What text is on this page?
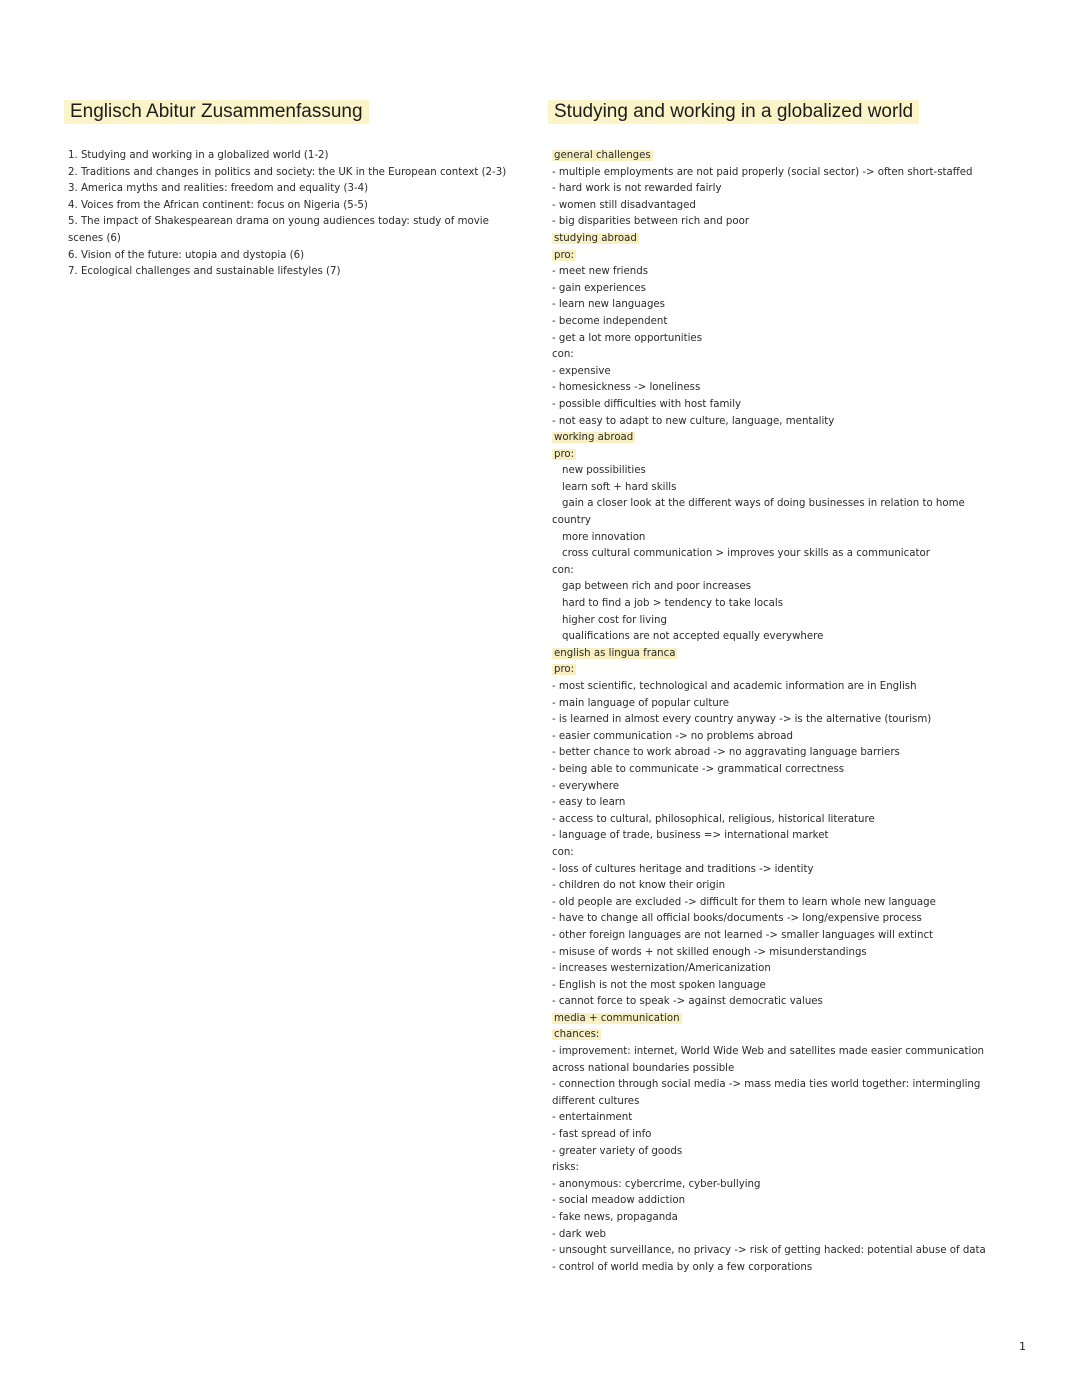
Englisch Abitur Zusammenfassung	Studying and working in a globalized world
1. Studying and working in a globalized world (1-2)
2. Traditions and changes in politics and society: the UK in the European context (2-3)
3. America myths and realities: freedom and equality (3-4)
4. Voices from the African continent: focus on Nigeria (5-5)
5. The impact of Shakespearean drama on young audiences today: study of movie scenes (6)
6. Vision of the future: utopia and dystopia (6)
7. Ecological challenges and sustainable lifestyles (7)
general challenges
- multiple employments are not paid properly (social sector) -> often short-staffed
- hard work is not rewarded fairly
- women still disadvantaged
- big disparities between rich and poor
studying abroad
pro:
- meet new friends
- gain experiences
- learn new languages
- become independent
- get a lot more opportunities
con:
- expensive
- homesickness -> loneliness
- possible difficulties with host family
- not easy to adapt to new culture, language, mentality
working abroad
pro:
new possibilities
learn soft + hard skills
gain a closer look at the different ways of doing businesses in relation to home
country
more innovation
cross cultural communication > improves your skills as a communicator
con:
gap between rich and poor increases
hard to find a job > tendency to take locals
higher cost for living
qualifications are not accepted equally everywhere
english as lingua franca
pro:
- most scientific, technological and academic information are in English
- main language of popular culture
- is learned in almost every country anyway -> is the alternative (tourism)
- easier communication -> no problems abroad
- better chance to work abroad -> no aggravating language barriers
- being able to communicate -> grammatical correctness
- everywhere
- easy to learn
- access to cultural, philosophical, religious, historical literature
- language of trade, business => international market
con:
- loss of cultures heritage and traditions -> identity
- children do not know their origin
- old people are excluded -> difficult for them to learn whole new language
- have to change all official books/documents -> long/expensive process
- other foreign languages are not learned -> smaller languages will extinct
- misuse of words + not skilled enough -> misunderstandings
- increases westernization/Americanization
- English is not the most spoken language
- cannot force to speak -> against democratic values
media + communication
chances:
- improvement: internet, World Wide Web and satellites made easier communication across national boundaries possible
- connection through social media -> mass media ties world together: intermingling different cultures
- entertainment
- fast spread of info
- greater variety of goods
risks:
- anonymous: cybercrime, cyber-bullying
- social meadow addiction
- fake news, propaganda
- dark web
- unsought surveillance, no privacy -> risk of getting hacked: potential abuse of data
- control of world media by only a few corporations
1
